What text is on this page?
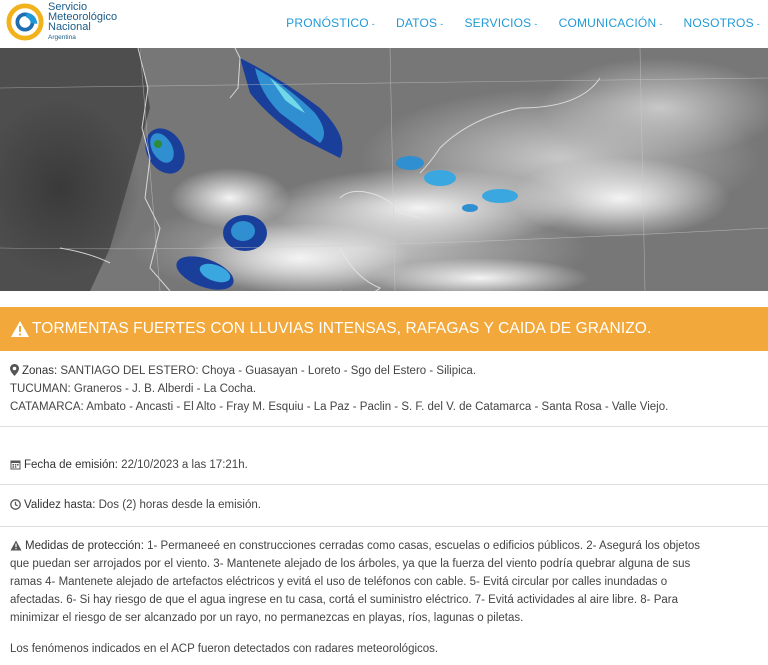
Servicio
Meteorológico
Nacional
Argentina
PRONÓSTICO - DATOS - SERVICIOS - COMUNICACIÓN - NOSOTROS -
TORMENTAS FUERTES CON LLUVIAS INTENSAS, RAFAGAS Y CAIDA DE GRANIZO.
Zonas: SANTIAGO DEL ESTERO: Choya - Guasayan - Loreto - Sgo del Estero - Silipica.
TUCUMAN: Graneros - J. B. Alberdi - La Cocha.
CATAMARCA: Ambato - Ancasti - El Alto - Fray M. Esquiu - La Paz - Paclin - S. F. del V. de Catamarca - Santa Rosa - Valle Viejo.
Fecha de emisión: 22/10/2023 a las 17:21h.
Validez hasta: Dos (2) horas desde la emisión.
Medidas de protección: 1- Permaneeé en construcciones cerradas como casas, escuelas o edificios públicos. 2- Asegurá los objetos
que puedan ser arrojados por el viento. 3- Mantenete alejado de los árboles, ya que la fuerza del viento podría quebrar alguna de sus
ramas 4- Mantenete alejado de artefactos eléctricos y evitá el uso de teléfonos con cable. 5- Evitá circular por calles inundadas o
afectadas. 6- Si hay riesgo de que el agua ingrese en tu casa, cortá el suministro eléctrico. 7- Evitá actividades al aire libre. 8- Para
minimizar el riesgo de ser alcanzado por un rayo, no permanezcas en playas, ríos, lagunas o piletas.
Los fenómenos indicados en el ACP fueron detectados con radares meteorológicos.
